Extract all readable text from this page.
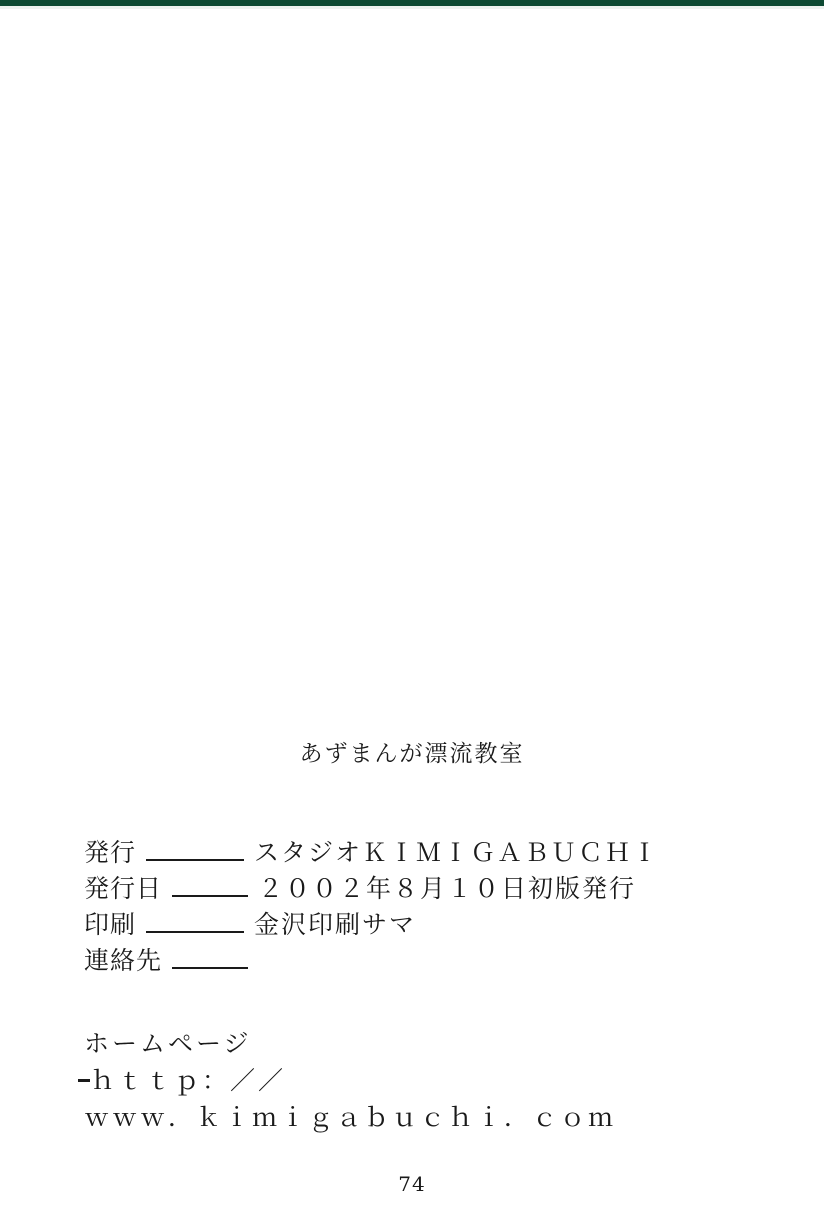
あずまんが漂流教室
発行	スタジオＫＩＭＩＧＡＢＵＣＨＩ
発行日	２００２年８月１０日初版発行
印刷	金沢印刷サマ
連絡先
ホームページ
ｈｔｔｐ：／／
ｗｗｗ．ｋｉｍｉｇａｂｕｃｈｉ．ｃｏｍ
74
